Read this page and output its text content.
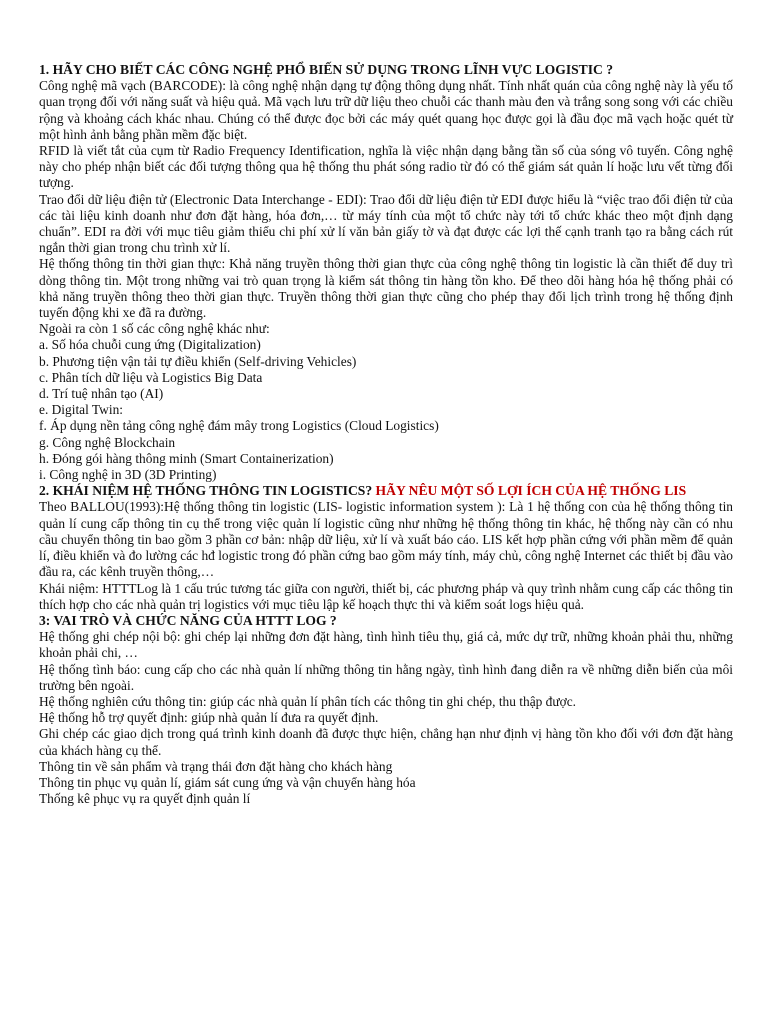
1. HÃY CHO BIẾT CÁC CÔNG NGHỆ PHỔ BIẾN SỬ DỤNG TRONG LĨNH VỰC LOGISTIC ?

Công nghệ mã vạch (BARCODE): là công nghệ nhận dạng tự động thông dụng nhất. Tính nhất quán của công nghệ này là yếu tố quan trọng đối với năng suất và hiệu quả. Mã vạch lưu trữ dữ liệu theo chuỗi các thanh màu đen và trắng song song với các chiều rộng và khoảng cách khác nhau. Chúng có thể được đọc bởi các máy quét quang học được gọi là đầu đọc mã vạch hoặc quét từ một hình ảnh bằng phần mềm đặc biệt.

RFID là viết tắt của cụm từ Radio Frequency Identification, nghĩa là việc nhận dạng bằng tần số của sóng vô tuyến. Công nghệ này cho phép nhận biết các đối tượng thông qua hệ thống thu phát sóng radio từ đó có thể giám sát quản lí hoặc lưu vết từng đối tượng.

Trao đổi dữ liệu điện tử (Electronic Data Interchange - EDI): Trao đổi dữ liệu điện tử EDI được hiểu là “việc trao đổi điện tử của các tài liệu kinh doanh như đơn đặt hàng, hóa đơn,… từ máy tính của một tổ chức này tới tổ chức khác theo một định dạng chuẩn”. EDI ra đời với mục tiêu giảm thiểu chi phí xử lí văn bản giấy tờ và đạt được các lợi thế cạnh tranh tạo ra bằng cách rút ngắn thời gian trong chu trình xử lí.

Hệ thống thông tin thời gian thực: Khả năng truyền thông thời gian thực của công nghệ thông tin logistic là cần thiết để duy trì dòng thông tin. Một trong những vai trò quan trọng là kiểm sát thông tin hàng tồn kho. Để theo dõi hàng hóa hệ thống phải có khả năng truyền thông theo thời gian thực. Truyền thông thời gian thực cũng cho phép thay đổi lịch trình trong hệ thống định tuyến động khi xe đã ra đường.

Ngoài ra còn 1 số các công nghệ khác như:

a. Số hóa chuỗi cung ứng (Digitalization)

b. Phương tiện vận tải tự điều khiển (Self-driving Vehicles)

c. Phân tích dữ liệu và Logistics Big Data

d. Trí tuệ nhân tạo (AI)

e. Digital Twin:

f. Áp dụng nền tảng công nghệ đám mây trong Logistics (Cloud Logistics)

g. Công nghệ Blockchain

h. Đóng gói hàng thông minh (Smart Containerization)

i. Công nghệ in 3D (3D Printing)

2. KHÁI NIỆM HỆ THỐNG THÔNG TIN LOGISTICS? HÃY NÊU MỘT SỐ LỢI ÍCH CỦA HỆ THỐNG LIS

Theo BALLOU(1993):Hệ thống thông tin logistic (LIS- logistic information system ): Là 1 hệ thống con của hệ thống thông tin quản lí cung cấp thông tin cụ thể trong việc quản lí logistic cũng như những hệ thống thông tin khác, hệ thống này cần có nhu cầu chuyển thông tin bao gồm 3 phần cơ bản: nhập dữ liệu, xử lí và xuất báo cáo. LIS kết hợp phần cứng với phần mềm để quản lí, điều khiển và đo lường các hđ logistic trong đó phần cứng bao gồm máy tính, máy chủ, công nghệ Internet các thiết bị đầu vào đầu ra, các kênh truyền thông,…

Khái niệm: HTTTLog là 1 cấu trúc tương tác giữa con người, thiết bị, các phương pháp và quy trình nhằm cung cấp các thông tin thích hợp cho các nhà quản trị logistics với mục tiêu lập kế hoạch thực thi và kiểm soát logs hiệu quả.

3: VAI TRÒ VÀ CHỨC NĂNG CỦA HTTT LOG ?

Hệ thống ghi chép nội bộ: ghi chép lại những đơn đặt hàng, tình hình tiêu thụ, giá cả, mức dự trữ, những khoản phải thu, những khoản phải chi, …

Hệ thống tình báo: cung cấp cho các nhà quản lí những thông tin hằng ngày, tình hình đang diễn ra về những diễn biến của môi trường bên ngoài.

Hệ thống nghiên cứu thông tin: giúp các nhà quản lí phân tích các thông tin ghi chép, thu thập được.

Hệ thống hỗ trợ quyết định: giúp nhà quản lí đưa ra quyết định.

Ghi chép các giao dịch trong quá trình kinh doanh đã được thực hiện, chẳng hạn như định vị hàng tồn kho đối với đơn đặt hàng của khách hàng cụ thể.

Thông tin về sản phẩm và trạng thái đơn đặt hàng cho khách hàng

Thông tin phục vụ quản lí, giám sát cung ứng và vận chuyển hàng hóa

Thống kê phục vụ ra quyết định quản lí
